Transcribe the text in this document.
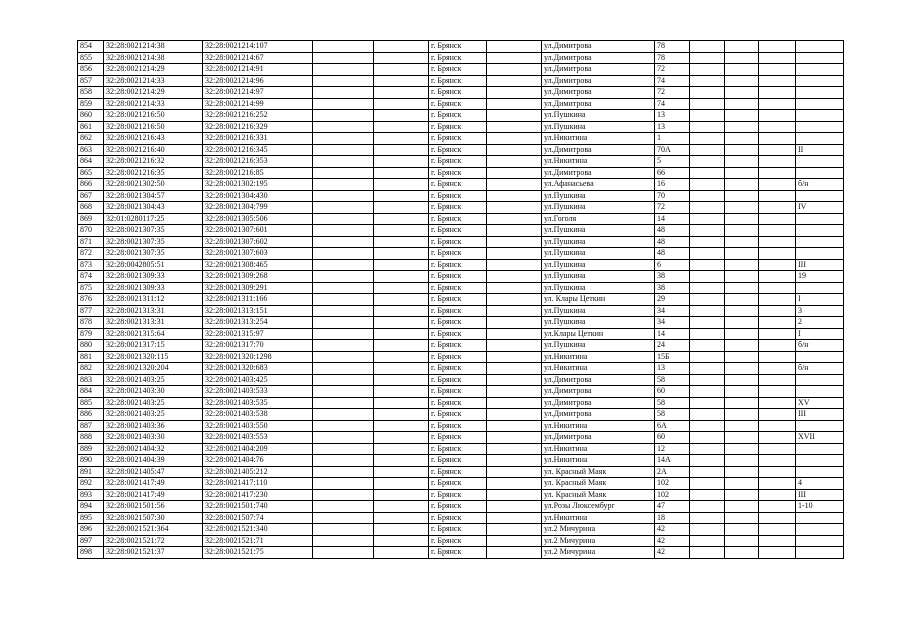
854	32:28:0021214:38	32:28:0021214:107			г. Брянск		ул.Димитрова	78				
855	32:28:0021214:38	32:28:0021214:67			г. Брянск		ул.Димитрова	78				
856	32:28:0021214:29	32:28:0021214:91			г. Брянск		ул.Димитрова	72				
857	32:28:0021214:33	32:28:0021214:96			г. Брянск		ул.Димитрова	74				
858	32:28:0021214:29	32:28:0021214:97			г. Брянск		ул.Димитрова	72				
859	32:28:0021214:33	32:28:0021214:99			г. Брянск		ул.Димитрова	74				
860	32:28:0021216:50	32:28:0021216:252			г. Брянск		ул.Пушкина	13				
861	32:28:0021216:50	32:28:0021216:329			г. Брянск		ул.Пушкина	13				
862	32:28:0021216:43	32:28:0021216:331			г. Брянск		ул.Никитина	1				
863	32:28:0021216:40	32:28:0021216:345			г. Брянск		ул.Димитрова	70А				II
864	32:28:0021216:32	32:28:0021216:353			г. Брянск		ул.Никитина	5				
865	32:28:0021216:35	32:28:0021216:85			г. Брянск		ул.Димитрова	66				
866	32:28:0021302:50	32:28:0021302:195			г. Брянск		ул.Афанасьева	16				б/н
867	32:28:0021304:57	32:28:0021304:430			г. Брянск		ул.Пушкина	70				
868	32:28:0021304:43	32:28:0021304:799			г. Брянск		ул.Пушкина	72				IV
869	32:01:0280117:25	32:28:0021305:506			г. Брянск		ул.Гоголя	14				
870	32:28:0021307:35	32:28:0021307:601			г. Брянск		ул.Пушкина	48				
871	32:28:0021307:35	32:28:0021307:602			г. Брянск		ул.Пушкина	48				
872	32:28:0021307:35	32:28:0021307:603			г. Брянск		ул.Пушкина	48				
873	32:28:0042805:51	32:28:0021308:465			г. Брянск		ул.Пушкина	6				III
874	32:28:0021309:33	32:28:0021309:268			г. Брянск		ул.Пушкина	38				19
875	32:28:0021309:33	32:28:0021309:291			г. Брянск		ул.Пушкина	38				
876	32:28:0021311:12	32:28:0021311:166			г. Брянск		ул. Клары Цеткин	29				I
877	32:28:0021313:31	32:28:0021313:151			г. Брянск		ул.Пушкина	34				3
878	32:28:0021313:31	32:28:0021313:254			г. Брянск		ул.Пушкина	34				2
879	32:28:0021315:64	32:28:0021315:97			г. Брянск		ул.Клары Цеткин	14				I
880	32:28:0021317:15	32:28:0021317:70			г. Брянск		ул.Пушкина	24				б/н
881	32:28:0021320:115	32:28:0021320:1298			г. Брянск		ул.Никитина	15Б				
882	32:28:0021320:204	32:28:0021320:683			г. Брянск		ул.Никитина	13				б/н
883	32:28:0021403:25	32:28:0021403:425			г. Брянск		ул.Димитрова	58				
884	32:28:0021403:30	32:28:0021403:533			г. Брянск		ул.Димитрова	60				
885	32:28:0021403:25	32:28:0021403:535			г. Брянск		ул.Димитрова	58				XV
886	32:28:0021403:25	32:28:0021403:538			г. Брянск		ул.Димитрова	58				III
887	32:28:0021403:36	32:28:0021403:550			г. Брянск		ул.Никитина	6А				
888	32:28:0021403:30	32:28:0021403:553			г. Брянск		ул.Димитрова	60				XVII
889	32:28:0021404:32	32:28:0021404:209			г. Брянск		ул.Никитина	12				
890	32:28:0021404:39	32:28:0021404:76			г. Брянск		ул.Никитина	14А				
891	32:28:0021405:47	32:28:0021405:212			г. Брянск		ул. Красный Маяк	2А				
892	32:28:0021417:49	32:28:0021417:110			г. Брянск		ул. Красный Маяк	102				4
893	32:28:0021417:49	32:28:0021417:230			г. Брянск		ул. Красный Маяк	102				III
894	32:28:0021501:56	32:28:0021501:740			г. Брянск		ул.Розы Люксембург	47				1-10
895	32:28:0021507:30	32:28:0021507:74			г. Брянск		ул.Никитина	18				
896	32:28:0021521:364	32:28:0021521:340			г. Брянск		ул.2 Мичурина	42				
897	32:28:0021521:72	32:28:0021521:71			г. Брянск		ул.2 Мичурина	42				
898	32:28:0021521:37	32:28:0021521:75			г. Брянск		ул.2 Мичурина	42				
